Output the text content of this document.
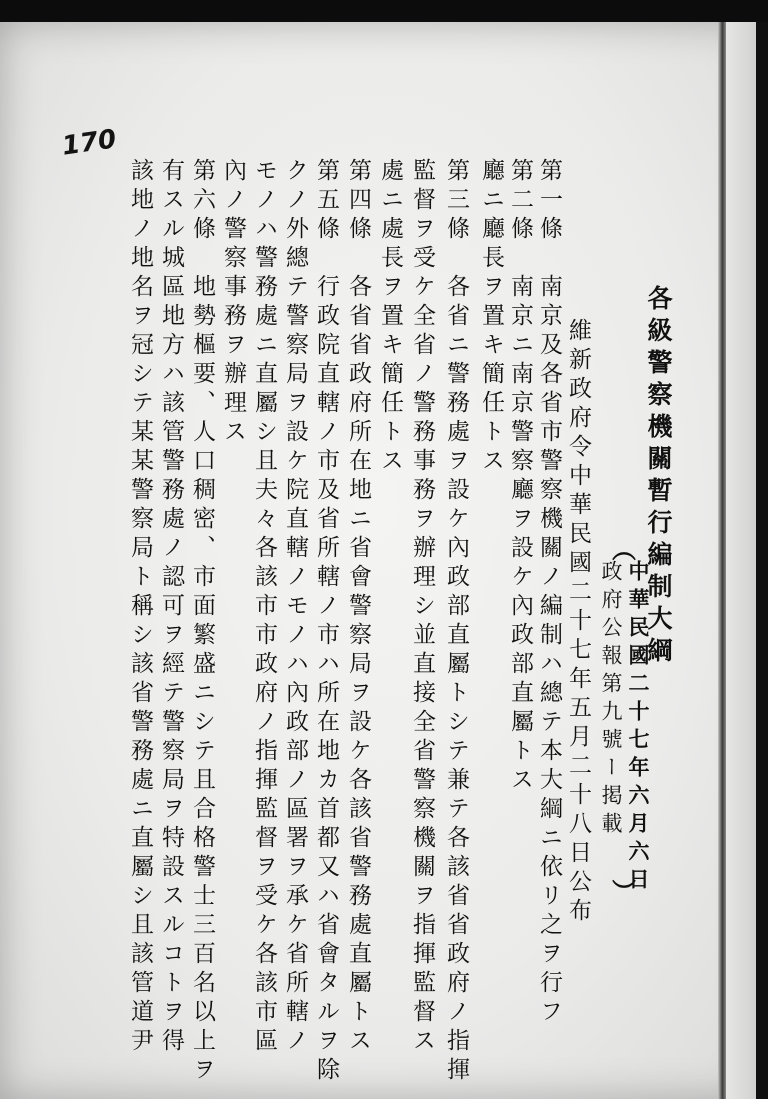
170
各級警察機關暫行編制大綱
︵
中華民國二十七年六月六日
政府公報第九號ー掲載
︶
維新政府令中華民國二十七年五月二十八日公布
第一條　南京及各省市警察機關ノ編制ハ總テ本大綱ニ依リ之ヲ行フ
第二條　南京ニ南京警察廳ヲ設ケ內政部直屬トス
廳ニ廳長ヲ置キ簡任トス
第三條　各省ニ警務處ヲ設ケ內政部直屬トシテ兼テ各該省省政府ノ指揮
監督ヲ受ケ全省ノ警務事務ヲ辦理シ並直接全省警察機關ヲ指揮監督ス
處ニ處長ヲ置キ簡任トス
第四條　各省省政府所在地ニ省會警察局ヲ設ケ各該省警務處直屬トス
第五條　行政院直轄ノ市及省所轄ノ市ハ所在地カ首都又ハ省會タルヲ除
クノ外總テ警察局ヲ設ケ院直轄ノモノハ內政部ノ區署ヲ承ケ省所轄ノ
モノハ警務處ニ直屬シ且夫々各該市市政府ノ指揮監督ヲ受ケ各該市區
內ノ警察事務ヲ辦理ス
第六條　地勢樞要、人口稠密、市面繁盛ニシテ且合格警士三百名以上ヲ
有スル城區地方ハ該管警務處ノ認可ヲ經テ警察局ヲ特設スルコトヲ得
該地ノ地名ヲ冠シテ某某警察局ト稱シ該省警務處ニ直屬シ且該管道尹
